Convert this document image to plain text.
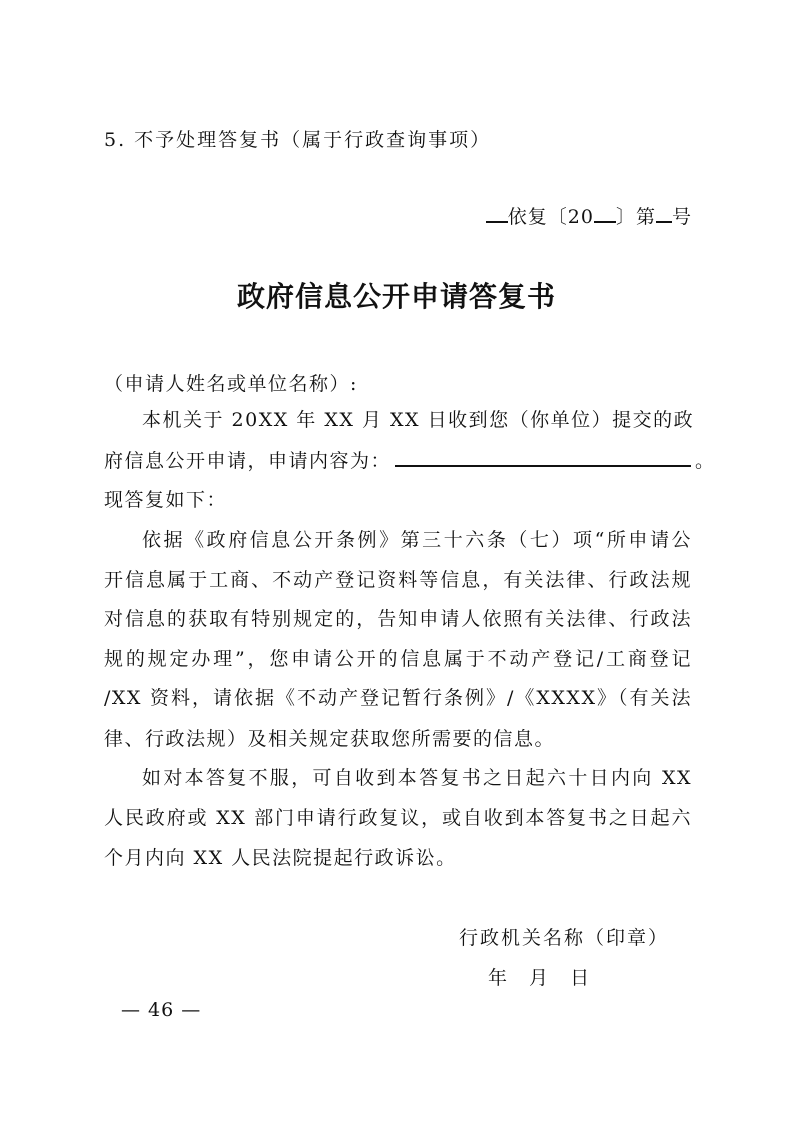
5. 不予处理答复书（属于行政查询事项）
依复〔20 〕第 号
政府信息公开申请答复书
（申请人姓名或单位名称）:
本机关于 20XX 年 XX 月 XX 日收到您（你单位）提交的政
府信息公开申请，申请内容为：	。
现答复如下：
依据《政府信息公开条例》第三十六条（七）项“所申请公
开信息属于工商、不动产登记资料等信息，有关法律、行政法规
对信息的获取有特别规定的，告知申请人依照有关法律、行政法
规的规定办理”，您申请公开的信息属于不动产登记/工商登记
/XX 资料，请依据《不动产登记暂行条例》/《XXXX》（有关法
律、行政法规）及相关规定获取您所需要的信息。
如对本答复不服，可自收到本答复书之日起六十日内向 XX
人民政府或 XX 部门申请行政复议，或自收到本答复书之日起六
个月内向 XX 人民法院提起行政诉讼。
行政机关名称（印章）
年 月 日
— 46 —
